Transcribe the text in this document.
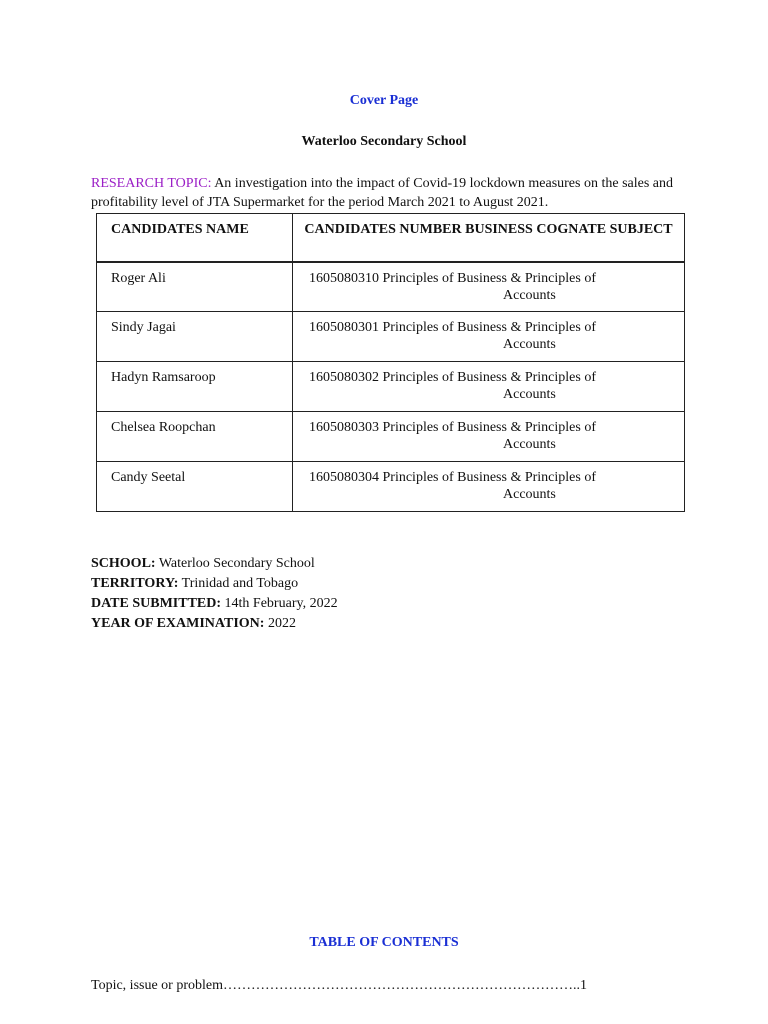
Cover Page
Waterloo Secondary School
RESEARCH TOPIC: An investigation into the impact of Covid-19 lockdown measures on the sales and profitability level of JTA Supermarket for the period March 2021 to August 2021.
CANDIDATES NAME	CANDIDATES NUMBER BUSINESS COGNATE SUBJECT
Roger Ali	1605080310 Principles of Business & Principles of
Accounts

Sindy Jagai	1605080301 Principles of Business & Principles of
Accounts

Hadyn Ramsaroop	1605080302 Principles of Business & Principles of
Accounts

Chelsea Roopchan	1605080303 Principles of Business & Principles of
Accounts

Candy Seetal	1605080304 Principles of Business & Principles of
Accounts
SCHOOL: Waterloo Secondary School
TERRITORY: Trinidad and Tobago
DATE SUBMITTED: 14th February, 2022
YEAR OF EXAMINATION: 2022
TABLE OF CONTENTS
Topic, issue or problem…………………………………………………………………..1
